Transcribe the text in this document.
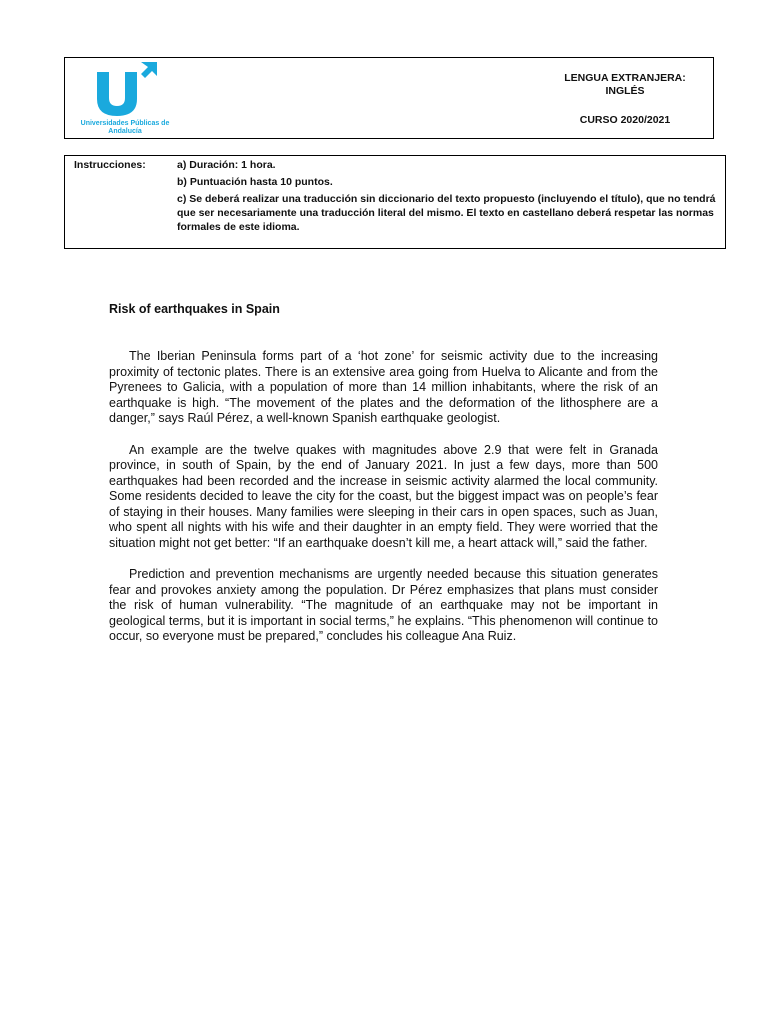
Universidades Públicas de Andalucía
LENGUA EXTRANJERA:
INGLÉS
CURSO 2020/2021
Instrucciones:	a) Duración: 1 hora.
b) Puntuación hasta 10 puntos.
c) Se deberá realizar una traducción sin diccionario del texto propuesto (incluyendo el título), que no tendrá que ser necesariamente una traducción literal del mismo. El texto en castellano deberá respetar las normas formales de este idioma.
Risk of earthquakes in Spain

The Iberian Peninsula forms part of a ‘hot zone’ for seismic activity due to the increasing proximity of tectonic plates. There is an extensive area going from Huelva to Alicante and from the Pyrenees to Galicia, with a population of more than 14 million inhabitants, where the risk of an earthquake is high. “The movement of the plates and the deformation of the lithosphere are a danger,” says Raúl Pérez, a well-known Spanish earthquake geologist.

An example are the twelve quakes with magnitudes above 2.9 that were felt in Granada province, in south of Spain, by the end of January 2021. In just a few days, more than 500 earthquakes had been recorded and the increase in seismic activity alarmed the local community. Some residents decided to leave the city for the coast, but the biggest impact was on people’s fear of staying in their houses. Many families were sleeping in their cars in open spaces, such as Juan, who spent all nights with his wife and their daughter in an empty field. They were worried that the situation might not get better: “If an earthquake doesn’t kill me, a heart attack will,” said the father.

Prediction and prevention mechanisms are urgently needed because this situation generates fear and provokes anxiety among the population. Dr Pérez emphasizes that plans must consider the risk of human vulnerability. “The magnitude of an earthquake may not be important in geological terms, but it is important in social terms,” he explains. “This phenomenon will continue to occur, so everyone must be prepared,” concludes his colleague Ana Ruiz.
